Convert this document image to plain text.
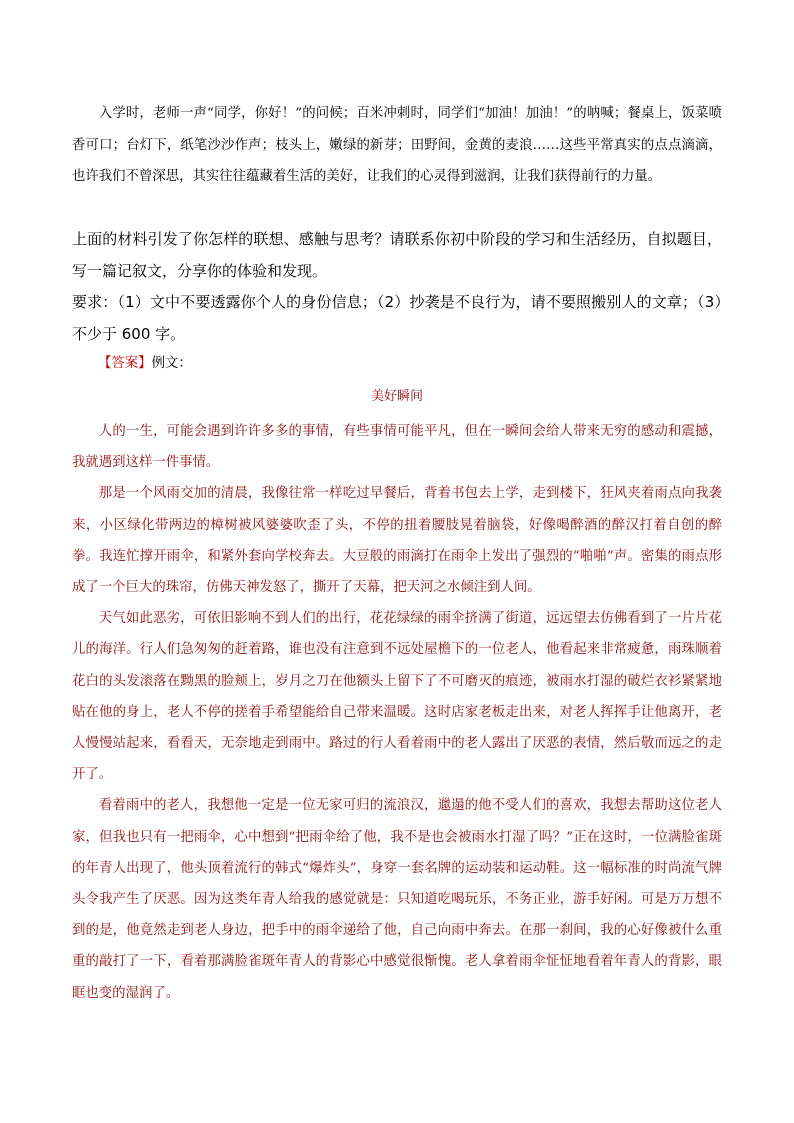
入学时，老师一声“同学，你好！”的问候；百米冲刺时，同学们“加油！加油！”的呐喊；餐桌上，饭菜喷香可口；台灯下，纸笔沙沙作声；枝头上，嫩绿的新芽；田野间，金黄的麦浪……这些平常真实的点点滴滴，也许我们不曾深思，其实往往蕴藏着生活的美好，让我们的心灵得到滋润，让我们获得前行的力量。

上面的材料引发了你怎样的联想、感触与思考？请联系你初中阶段的学习和生活经历，自拟题目，写一篇记叙文，分享你的体验和发现。

要求：（1）文中不要透露你个人的身份信息；（2）抄袭是不良行为，请不要照搬别人的文章；（3）不少于 600 字。

【答案】例文：

美好瞬间

人的一生，可能会遇到许许多多的事情，有些事情可能平凡，但在一瞬间会给人带来无穷的感动和震撼，我就遇到这样一件事情。

那是一个风雨交加的清晨，我像往常一样吃过早餐后，背着书包去上学，走到楼下，狂风夹着雨点向我袭来，小区绿化带两边的樟树被风婆婆吹歪了头，不停的扭着腰肢晃着脑袋，好像喝醉酒的醉汉打着自创的醉拳。我连忙撑开雨伞，和紧外套向学校奔去。大豆般的雨滴打在雨伞上发出了强烈的“啪啪”声。密集的雨点形成了一个巨大的珠帘，仿佛天神发怒了，撕开了天幕，把天河之水倾注到人间。

天气如此恶劣，可依旧影响不到人们的出行，花花绿绿的雨伞挤满了街道，远远望去仿佛看到了一片片花儿的海洋。行人们急匆匆的赶着路，谁也没有注意到不远处屋檐下的一位老人，他看起来非常疲惫，雨珠顺着花白的头发滚落在黝黑的脸颊上，岁月之刀在他额头上留下了不可磨灭的痕迹，被雨水打湿的破烂衣衫紧紧地贴在他的身上，老人不停的搓着手希望能给自己带来温暖。这时店家老板走出来，对老人挥挥手让他离开，老人慢慢站起来，看看天，无奈地走到雨中。路过的行人看着雨中的老人露出了厌恶的表情，然后敬而远之的走开了。

看着雨中的老人，我想他一定是一位无家可归的流浪汉，邋遢的他不受人们的喜欢，我想去帮助这位老人家，但我也只有一把雨伞，心中想到“把雨伞给了他，我不是也会被雨水打湿了吗？”正在这时，一位满脸雀斑的年青人出现了，他头顶着流行的韩式“爆炸头”，身穿一套名牌的运动装和运动鞋。这一幅标准的时尚流气牌头令我产生了厌恶。因为这类年青人给我的感觉就是：只知道吃喝玩乐，不务正业，游手好闲。可是万万想不到的是，他竟然走到老人身边，把手中的雨伞递给了他，自己向雨中奔去。在那一刹间，我的心好像被什么重重的敲打了一下，看着那满脸雀斑年青人的背影心中感觉很惭愧。老人拿着雨伞怔怔地看着年青人的背影，眼眶也变的湿润了。
